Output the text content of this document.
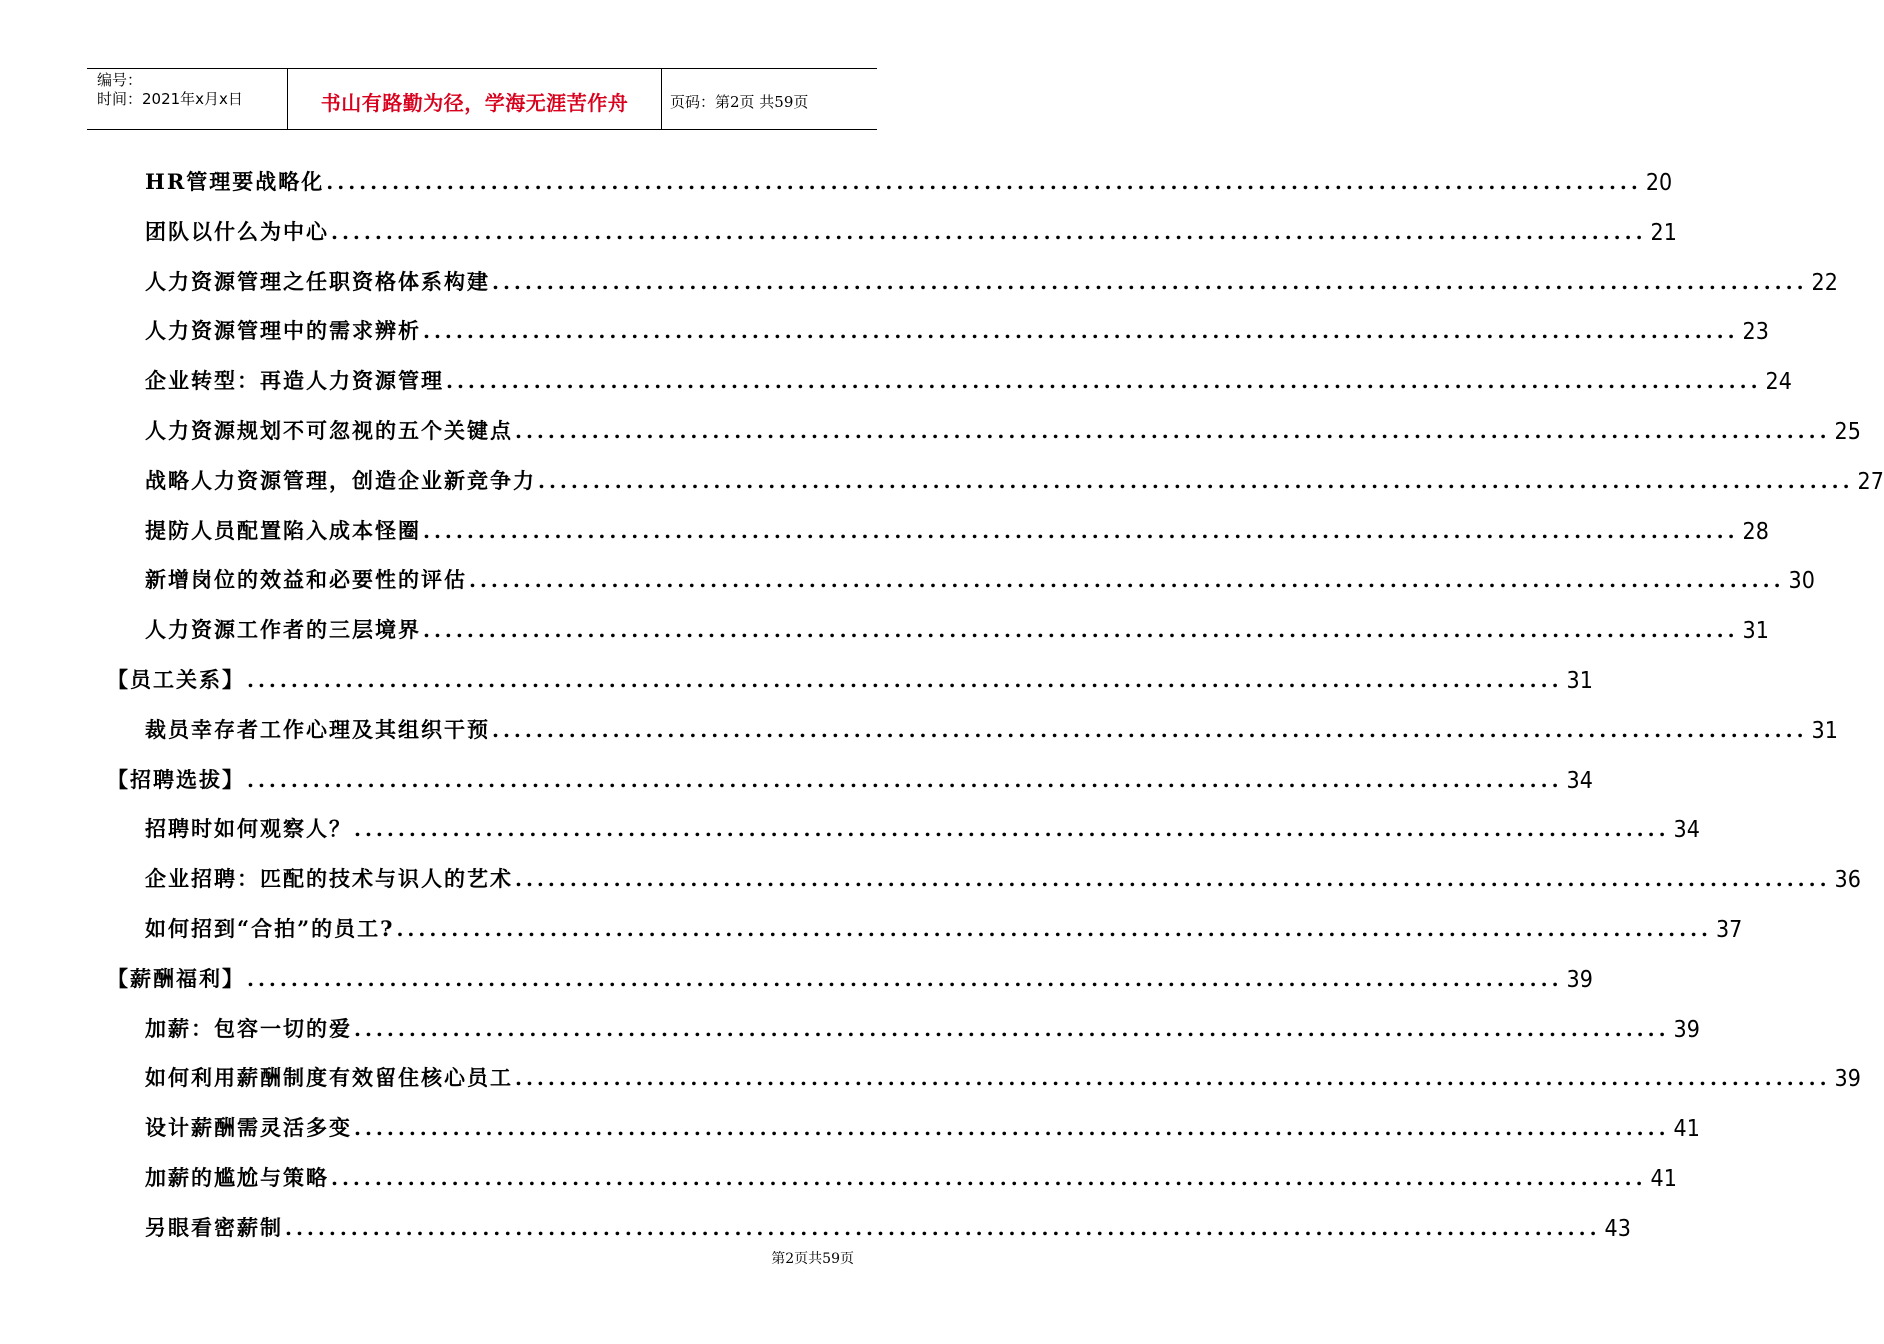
编号：
时间：2021年x月x日	书山有路勤为径，学海无涯苦作舟	页码：第2页 共59页
HR管理要战略化 ........................................................................................................................ 20
团队以什么为中心 ........................................................................................................................ 21
人力资源管理之任职资格体系构建 ........................................................................................................................ 22
人力资源管理中的需求辨析 ........................................................................................................................ 23
企业转型：再造人力资源管理 ........................................................................................................................ 24
人力资源规划不可忽视的五个关键点 ........................................................................................................................ 25
战略人力资源管理，创造企业新竞争力 ........................................................................................................................ 27
提防人员配置陷入成本怪圈 ........................................................................................................................ 28
新增岗位的效益和必要性的评估 ........................................................................................................................ 30
人力资源工作者的三层境界 ........................................................................................................................ 31
【员工关系】 ........................................................................................................................ 31
裁员幸存者工作心理及其组织干预 ........................................................................................................................ 31
【招聘选拔】 ........................................................................................................................ 34
招聘时如何观察人？ ........................................................................................................................ 34
企业招聘：匹配的技术与识人的艺术 ........................................................................................................................ 36
如何招到“合拍”的员工? ........................................................................................................................ 37
【薪酬福利】 ........................................................................................................................ 39
加薪：包容一切的爱 ........................................................................................................................ 39
如何利用薪酬制度有效留住核心员工 ........................................................................................................................ 39
设计薪酬需灵活多变 ........................................................................................................................ 41
加薪的尴尬与策略 ........................................................................................................................ 41
另眼看密薪制 ........................................................................................................................ 43
第2页共59页
